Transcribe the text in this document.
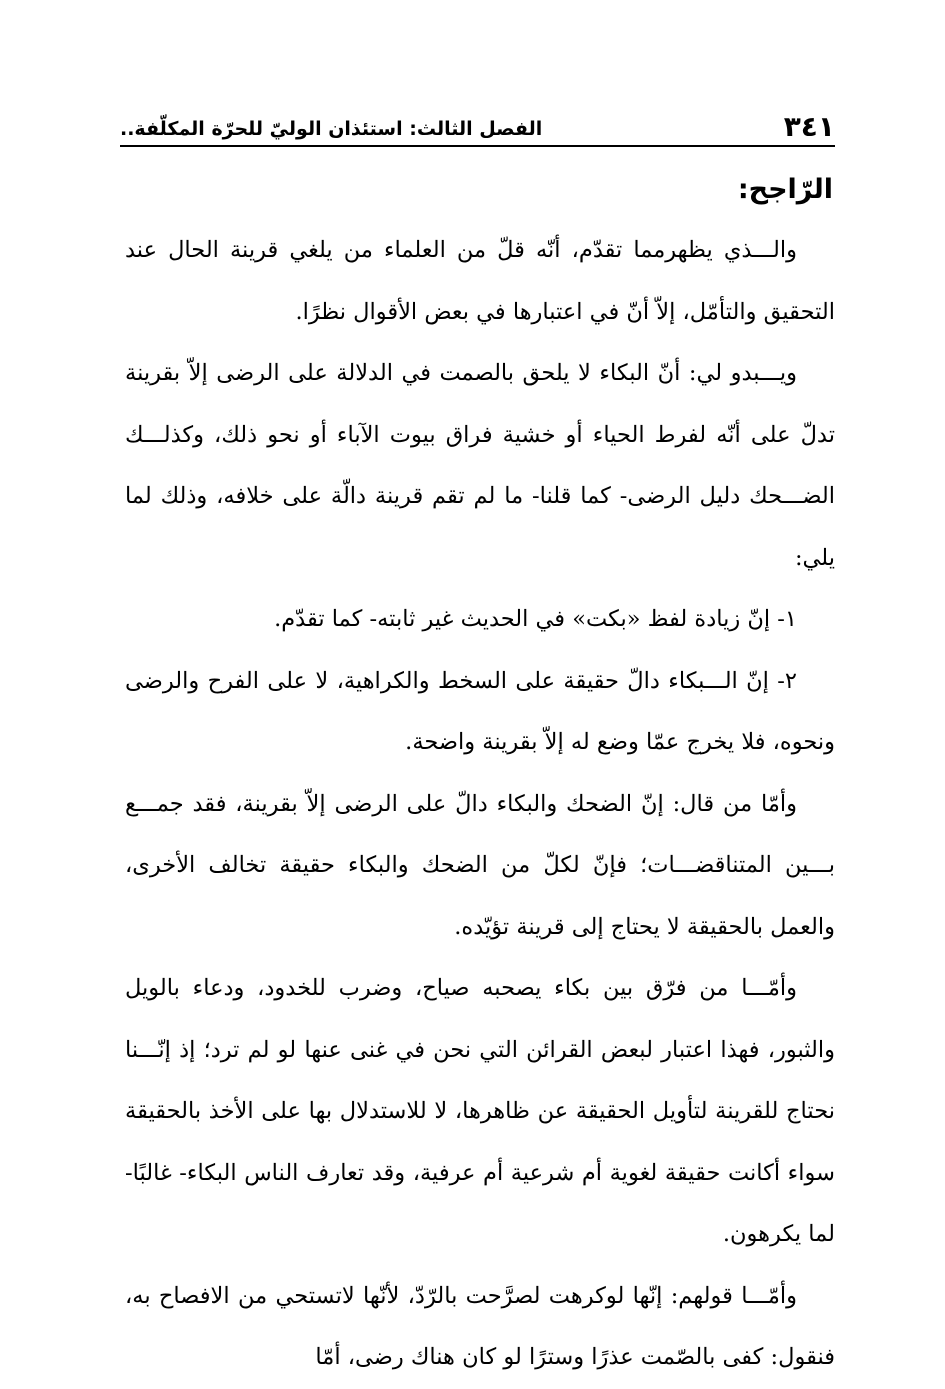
٣٤١
الفصل الثالث: استئذان الوليّ للحرّة المكلّفة..

الرّاجح:

والـــذي يظهرمما تقدّم، أنّه قلّ من العلماء من يلغي قرينة الحال عند التحقيق والتأمّل، إلاّ أنّ في اعتبارها في بعض الأقوال نظرًا.

ويـــبدو لي: أنّ البكاء لا يلحق بالصمت في الدلالة على الرضى إلاّ بقرينة تدلّ على أنّه لفرط الحياء أو خشية فراق بيوت الآباء أو نحو ذلك، وكذلـــك الضـــحك دليل الرضى- كما قلنا- ما لم تقم قرينة دالّة على خلافه، وذلك لما يلي:

١- إنّ زيادة لفظ «بكت» في الحديث غير ثابته- كما تقدّم.

٢- إنّ الـــبكاء دالّ حقيقة على السخط والكراهية، لا على الفرح والرضى ونحوه، فلا يخرج عمّا وضع له إلاّ بقرينة واضحة.

وأمّا من قال: إنّ الضحك والبكاء دالّ على الرضى إلاّ بقرينة، فقد جمـــع بـــين المتناقضـــات؛ فإنّ لكلّ من الضحك والبكاء حقيقة تخالف الأخرى، والعمل بالحقيقة لا يحتاج إلى قرينة تؤيّده.

وأمّـــا من فرّق بين بكاء يصحبه صياح، وضرب للخدود، ودعاء بالويل والثبور، فهذا اعتبار لبعض القرائن التي نحن في غنى عنها لو لم ترد؛ إذ إنّـــنا نحتاج للقرينة لتأويل الحقيقة عن ظاهرها، لا للاستدلال بها على الأخذ بالحقيقة سواء أكانت حقيقة لغوية أم شرعية أم عرفية، وقد تعارف الناس البكاء- غالبًا- لما يكرهون.

وأمّـــا قولهم: إنّها لوكرهت لصرَّحت بالرّدّ، لأنّها لاتستحي من الافصاح به، فنقول: كفى بالصّمت عذرًا وسترًا لو كان هناك رضى، أمّا
